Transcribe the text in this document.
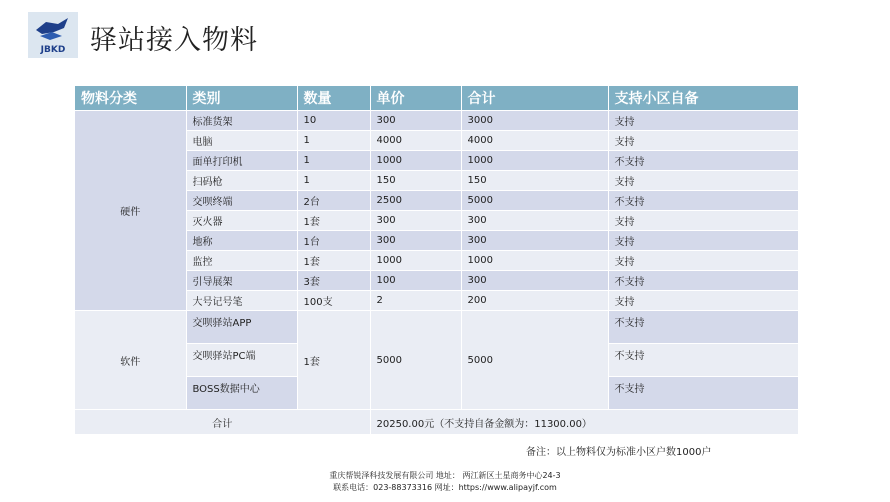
JBKD 驿站接入物料
物料分类	类别	数量	单价	合计	支持小区自备
硬件	标准货架	10	300	3000	支持
	电脑	1	4000	4000	支持
	面单打印机	1	1000	1000	不支持
	扫码枪	1	150	150	支持
	交呗终端	2台	2500	5000	不支持
	灭火器	1套	300	300	支持
	地称	1台	300	300	支持
	监控	1套	1000	1000	支持
	引导展架	3套	100	300	不支持
	大号记号笔	100支	2	200	支持
软件	交呗驿站APP	1套	5000	5000	不支持
	交呗驿站PC端				不支持
	BOSS数据中心				不支持
合计			20250.00元（不支持自备金额为：11300.00）		
备注：以上物料仅为标准小区户数1000户
重庆帮锐泽科技发展有限公司 地址： 两江新区土星商务中心24-3
联系电话：023-88373316 网址：https://www.alipayjf.com
